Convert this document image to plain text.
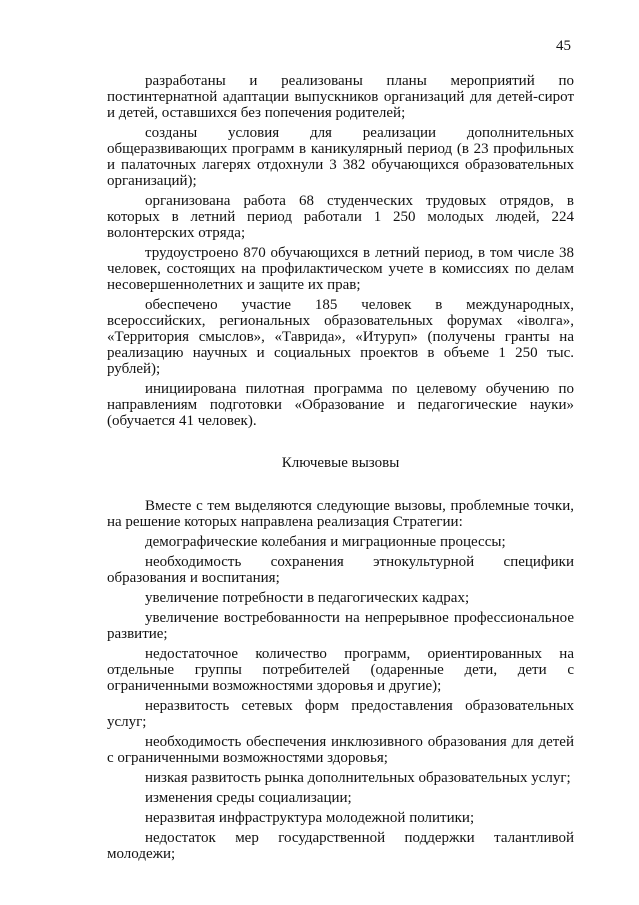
45

разработаны и реализованы планы мероприятий по постинтернатной адаптации выпускников организаций для детей-сирот и детей, оставшихся без попечения родителей;

созданы условия для реализации дополнительных общеразвивающих программ в каникулярный период (в 23 профильных и палаточных лагерях отдохнули 3 382 обучающихся образовательных организаций);

организована работа 68 студенческих трудовых отрядов, в которых в летний период работали 1 250 молодых людей, 224 волонтерских отряда;

трудоустроено 870 обучающихся в летний период, в том числе 38 человек, состоящих на профилактическом учете в комиссиях по делам несовершеннолетних и защите их прав;

обеспечено участие 185 человек в международных, всероссийских, региональных образовательных форумах «iволга», «Территория смыслов», «Таврида», «Итуруп» (получены гранты на реализацию научных и социальных проектов в объеме 1 250 тыс. рублей);

инициирована пилотная программа по целевому обучению по направлениям подготовки «Образование и педагогические науки» (обучается 41 человек).

Ключевые вызовы

Вместе с тем выделяются следующие вызовы, проблемные точки, на решение которых направлена реализация Стратегии:

демографические колебания и миграционные процессы;

необходимость сохранения этнокультурной специфики образования и воспитания;

увеличение потребности в педагогических кадрах;

увеличение востребованности на непрерывное профессиональное развитие;

недостаточное количество программ, ориентированных на отдельные группы потребителей (одаренные дети, дети с ограниченными возможностями здоровья и другие);

неразвитость сетевых форм предоставления образовательных услуг;

необходимость обеспечения инклюзивного образования для детей с ограниченными возможностями здоровья;

низкая развитость рынка дополнительных образовательных услуг;

изменения среды социализации;

неразвитая инфраструктура молодежной политики;

недостаток мер государственной поддержки талантливой молодежи;
